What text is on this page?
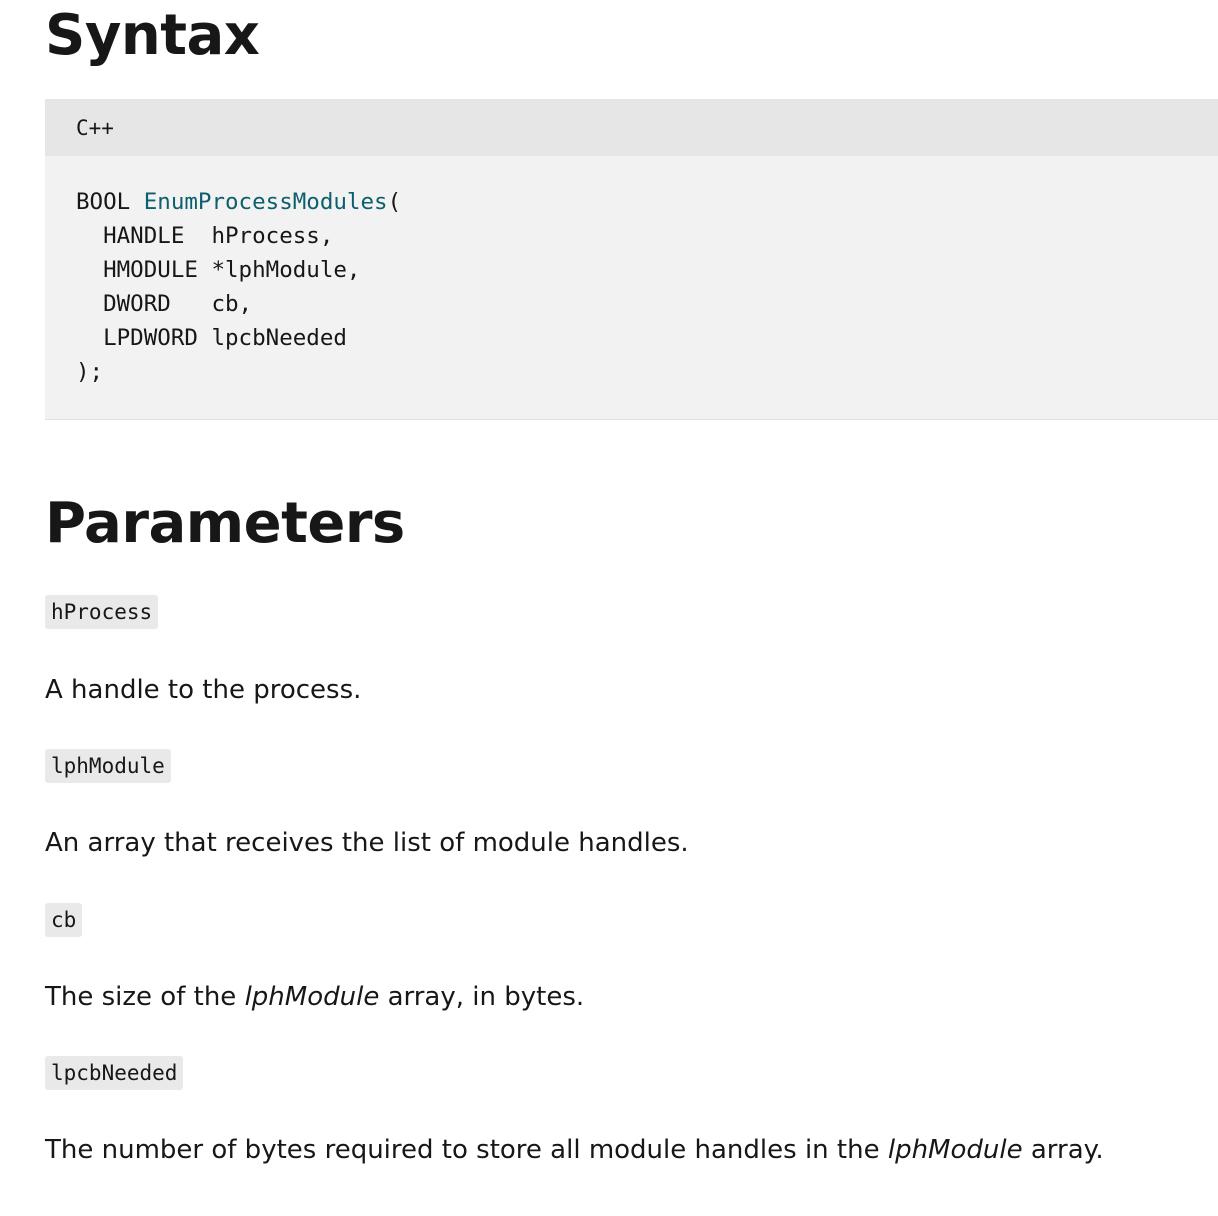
Syntax
C++
BOOL EnumProcessModules(
HANDLE  hProcess,
HMODULE *lphModule,
DWORD   cb,
LPDWORD lpcbNeeded
);
Parameters
hProcess

A handle to the process.

lphModule

An array that receives the list of module handles.

cb

The size of the lphModule array, in bytes.

lpcbNeeded

The number of bytes required to store all module handles in the lphModule array.
